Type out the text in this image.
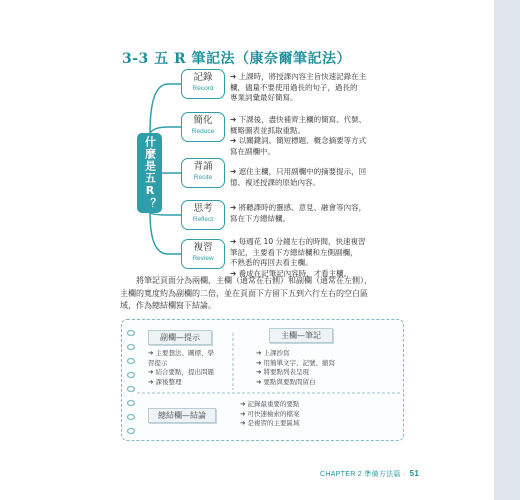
3-3 五 R 筆記法（康奈爾筆記法）
什麼是五R？
記錄
Record
➔ 上課時，將授課內容主旨快速記錄在主
欄，儘量不要使用過長的句子，過長的
專業詞彙最好簡寫。
簡化
Reduce
➔ 下課後，盡快補齊主欄的簡寫、代號、
概略圖表並抓取重點。
➔ 以關鍵詞、簡短標題、概念摘要等方式
寫在副欄中。
背誦
Recite
➔ 遮住主欄，只用副欄中的摘要提示，回
憶、複述授課的原始內容。
思考
Reflect
➔ 將聽課時的靈感、意見、融會等內容，
寫在下方總結欄。
複習
Review
➔ 每週花 10 分鐘左右的時間，快速複習
筆記，主要看下方總結欄和左側副欄，
不熟悉的再回去看主欄。
➔ 養成在記筆記內容時，才看主欄。
將筆記頁面分為兩欄，主欄（通常在右側）和副欄（通常在左側），
主欄的寬度約為副欄的二倍，並在頁面下方留下五到六行左右的空白區
域，作為總結欄寫下結論。
副欄—提示	主欄—筆記
總結欄—結論
➔ 主要想法、圖標、學
習提示
➔ 結合要點，提出問題
➔ 課後整理
➔ 上課抄寫
➔ 用簡單文字、記號、縮寫
➔ 將要點列表呈現
➔ 要點與要點間留白
➔ 記錄最重要的要點
➔ 可快速檢索的檔案
➔ 是複習的主要區域
CHAPTER 2 準備方法篇 · 51
